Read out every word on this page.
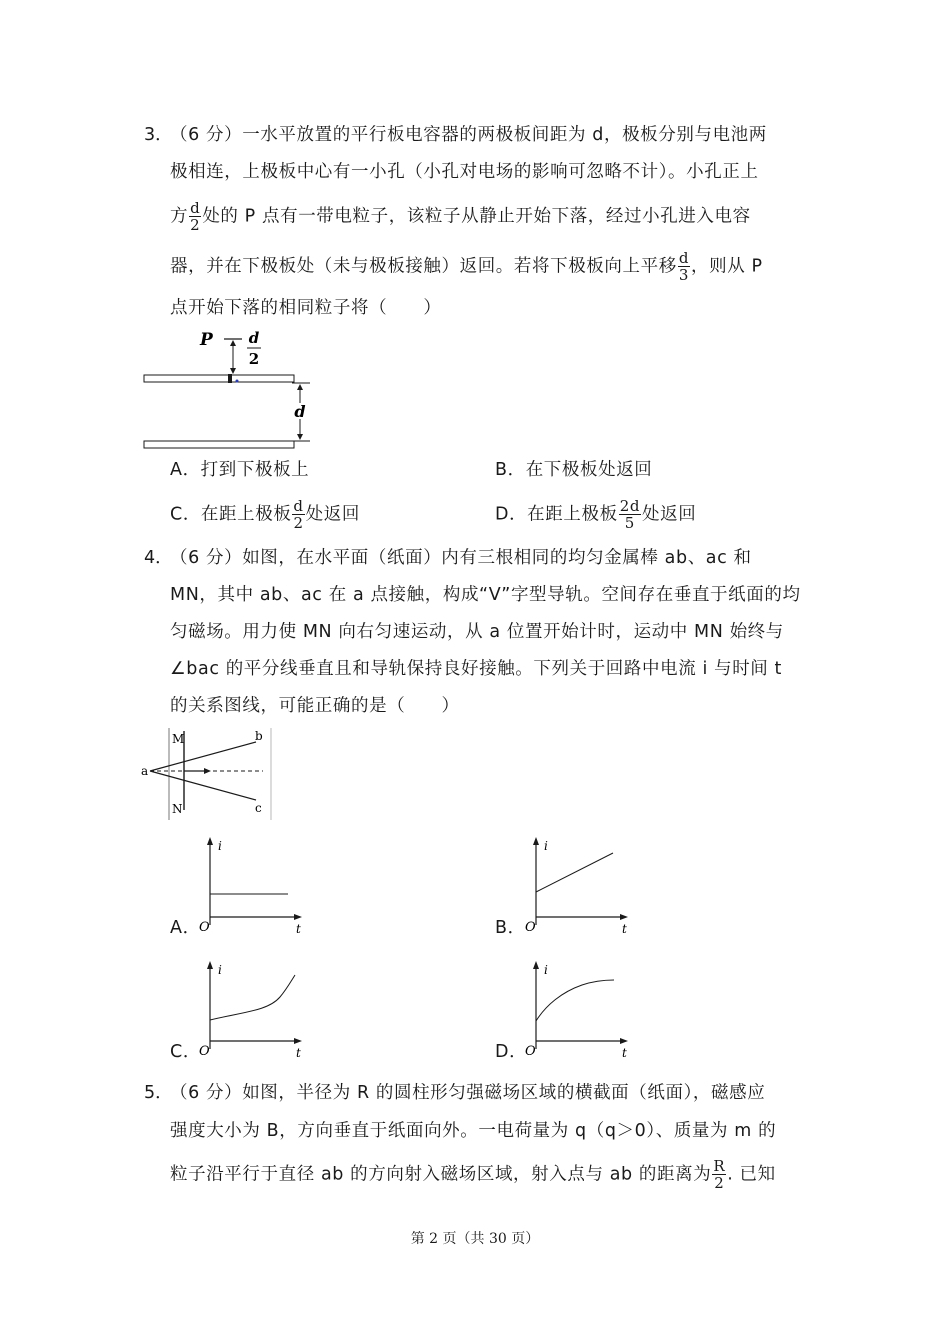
3．
（6 分）一水平放置的平行板电容器的两极板间距为 d，极板分别与电池两
极相连，上极板中心有一小孔（小孔对电场的影响可忽略不计）。小孔正上
方 $\frac{d}{2}$ 处的 P 点有一带电粒子，该粒子从静止开始下落，经过小孔进入电容
器，并在下极板处（未与极板接触）返回。若将下极板向上平移 $\frac{d}{3}$ ，则从 P
点开始下落的相同粒子将（　　）
P d
2
d
A．打到下极板上	B．在下极板处返回
C．在距上极板 $\frac{d}{2}$ 处返回	D．在距上极板 $\frac{2d}{5}$ 处返回
4．
（6 分）如图，在水平面（纸面）内有三根相同的均匀金属棒 ab、ac 和
MN，其中 ab、ac 在 a 点接触，构成“V”字型导轨。空间存在垂直于纸面的均
匀磁场。用力使 MN 向右匀速运动，从 a 位置开始计时，运动中 MN 始终与
∠bac 的平分线垂直且和导轨保持良好接触。下列关于回路中电流 i 与时间 t
的关系图线，可能正确的是（　　）
M
N
a
b
c
i
t
O
A．
i
t
O
B．
i
t
O
C．
i
t
O
D．
5．
（6 分）如图，半径为 R 的圆柱形匀强磁场区域的横截面（纸面），磁感应
强度大小为 B，方向垂直于纸面向外。一电荷量为 q（q＞0）、质量为 m 的
粒子沿平行于直径 ab 的方向射入磁场区域，射入点与 ab 的距离为 $\frac{R}{2}$ . 已知
第 2 页（共 30 页）
